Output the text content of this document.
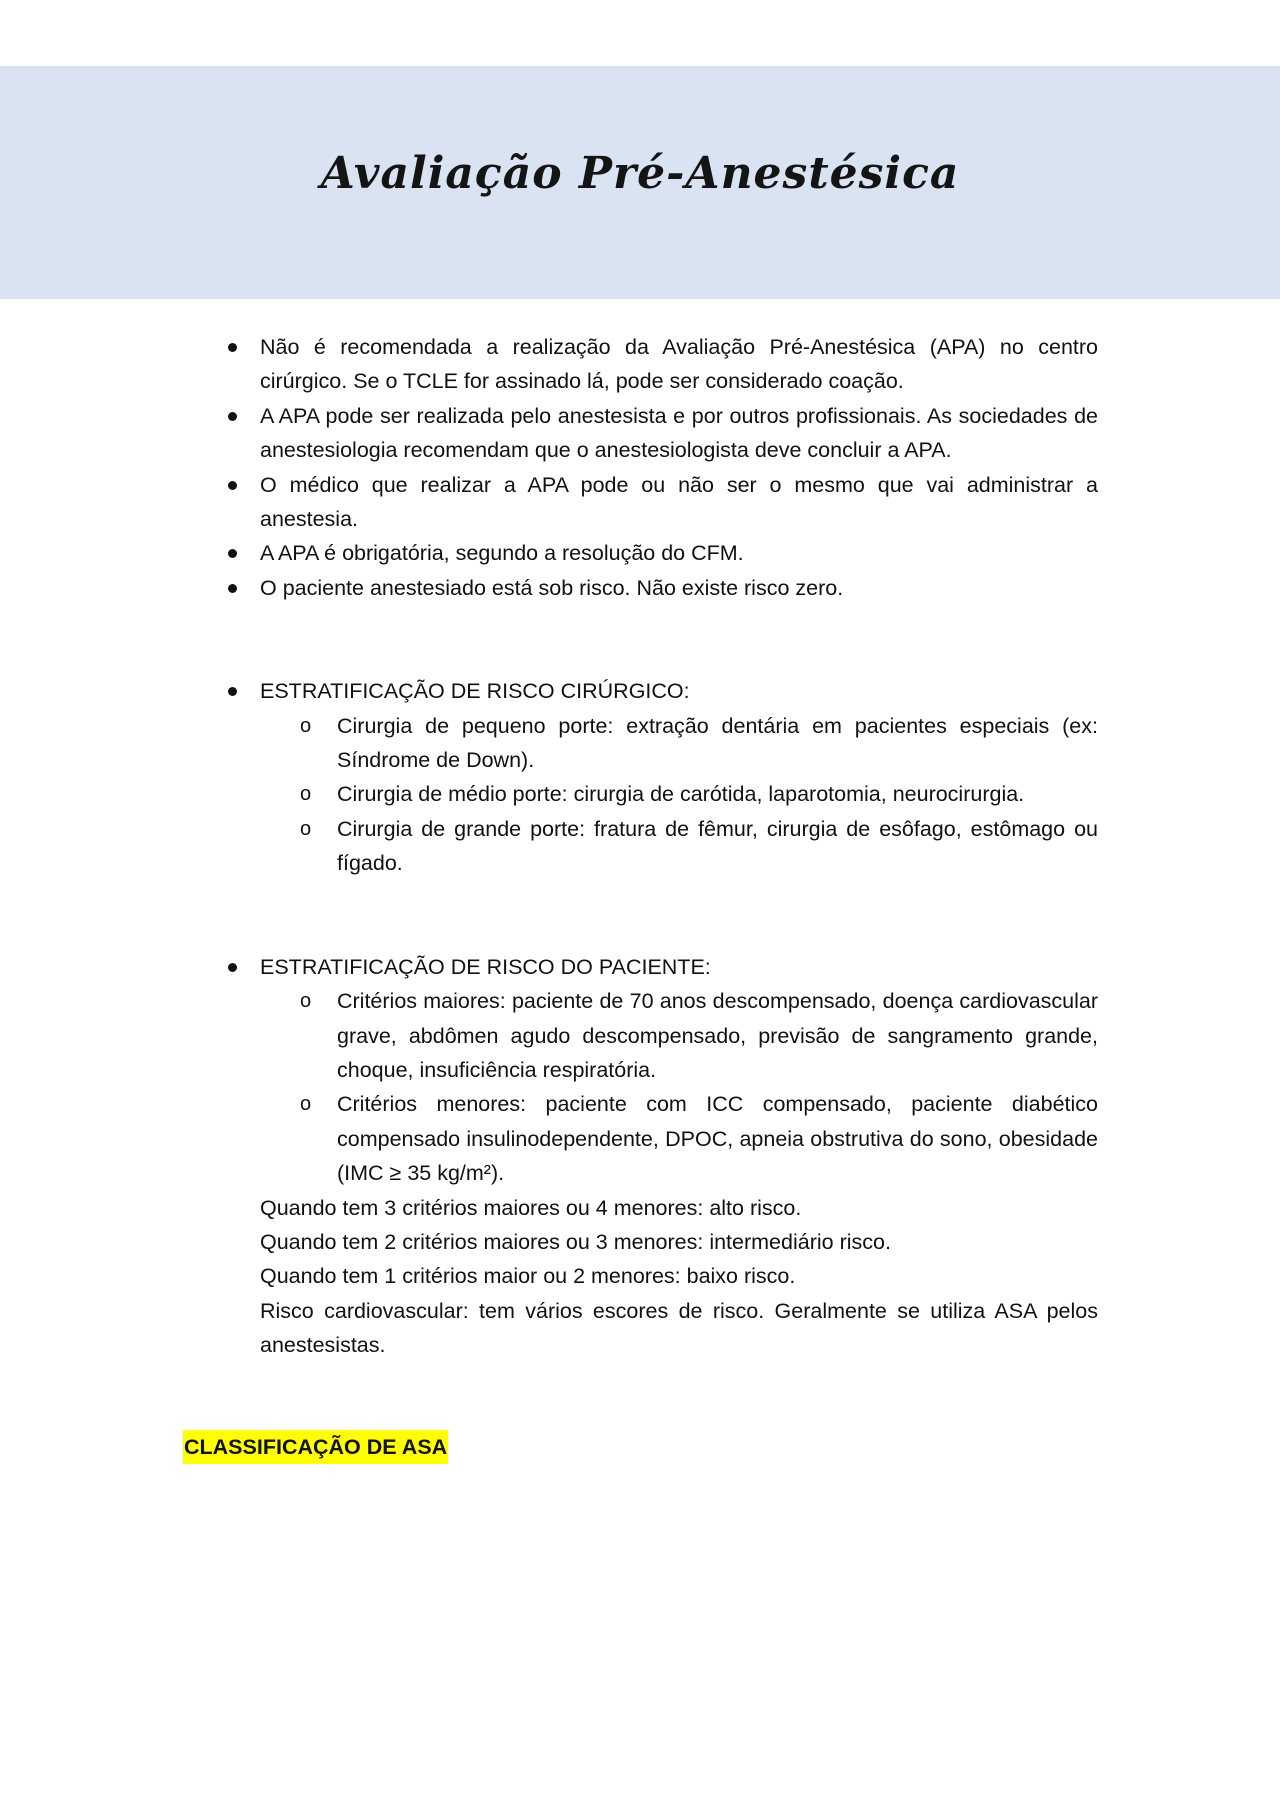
Avaliação Pré-Anestésica
Não é recomendada a realização da Avaliação Pré-Anestésica (APA) no centro cirúrgico. Se o TCLE for assinado lá, pode ser considerado coação.
A APA pode ser realizada pelo anestesista e por outros profissionais. As sociedades de anestesiologia recomendam que o anestesiologista deve concluir a APA.
O médico que realizar a APA pode ou não ser o mesmo que vai administrar a anestesia.
A APA é obrigatória, segundo a resolução do CFM.
O paciente anestesiado está sob risco. Não existe risco zero.
ESTRATIFICAÇÃO DE RISCO CIRÚRGICO:
o Cirurgia de pequeno porte: extração dentária em pacientes especiais (ex: Síndrome de Down).
o Cirurgia de médio porte: cirurgia de carótida, laparotomia, neurocirurgia.
o Cirurgia de grande porte: fratura de fêmur, cirurgia de esôfago, estômago ou fígado.
ESTRATIFICAÇÃO DE RISCO DO PACIENTE:
o Critérios maiores: paciente de 70 anos descompensado, doença cardiovascular grave, abdômen agudo descompensado, previsão de sangramento grande, choque, insuficiência respiratória.
o Critérios menores: paciente com ICC compensado, paciente diabético compensado insulinodependente, DPOC, apneia obstrutiva do sono, obesidade (IMC ≥ 35 kg/m²).

Quando tem 3 critérios maiores ou 4 menores: alto risco.

Quando tem 2 critérios maiores ou 3 menores: intermediário risco.

Quando tem 1 critérios maior ou 2 menores: baixo risco.

Risco cardiovascular: tem vários escores de risco. Geralmente se utiliza ASA pelos anestesistas.

CLASSIFICAÇÃO DE ASA
